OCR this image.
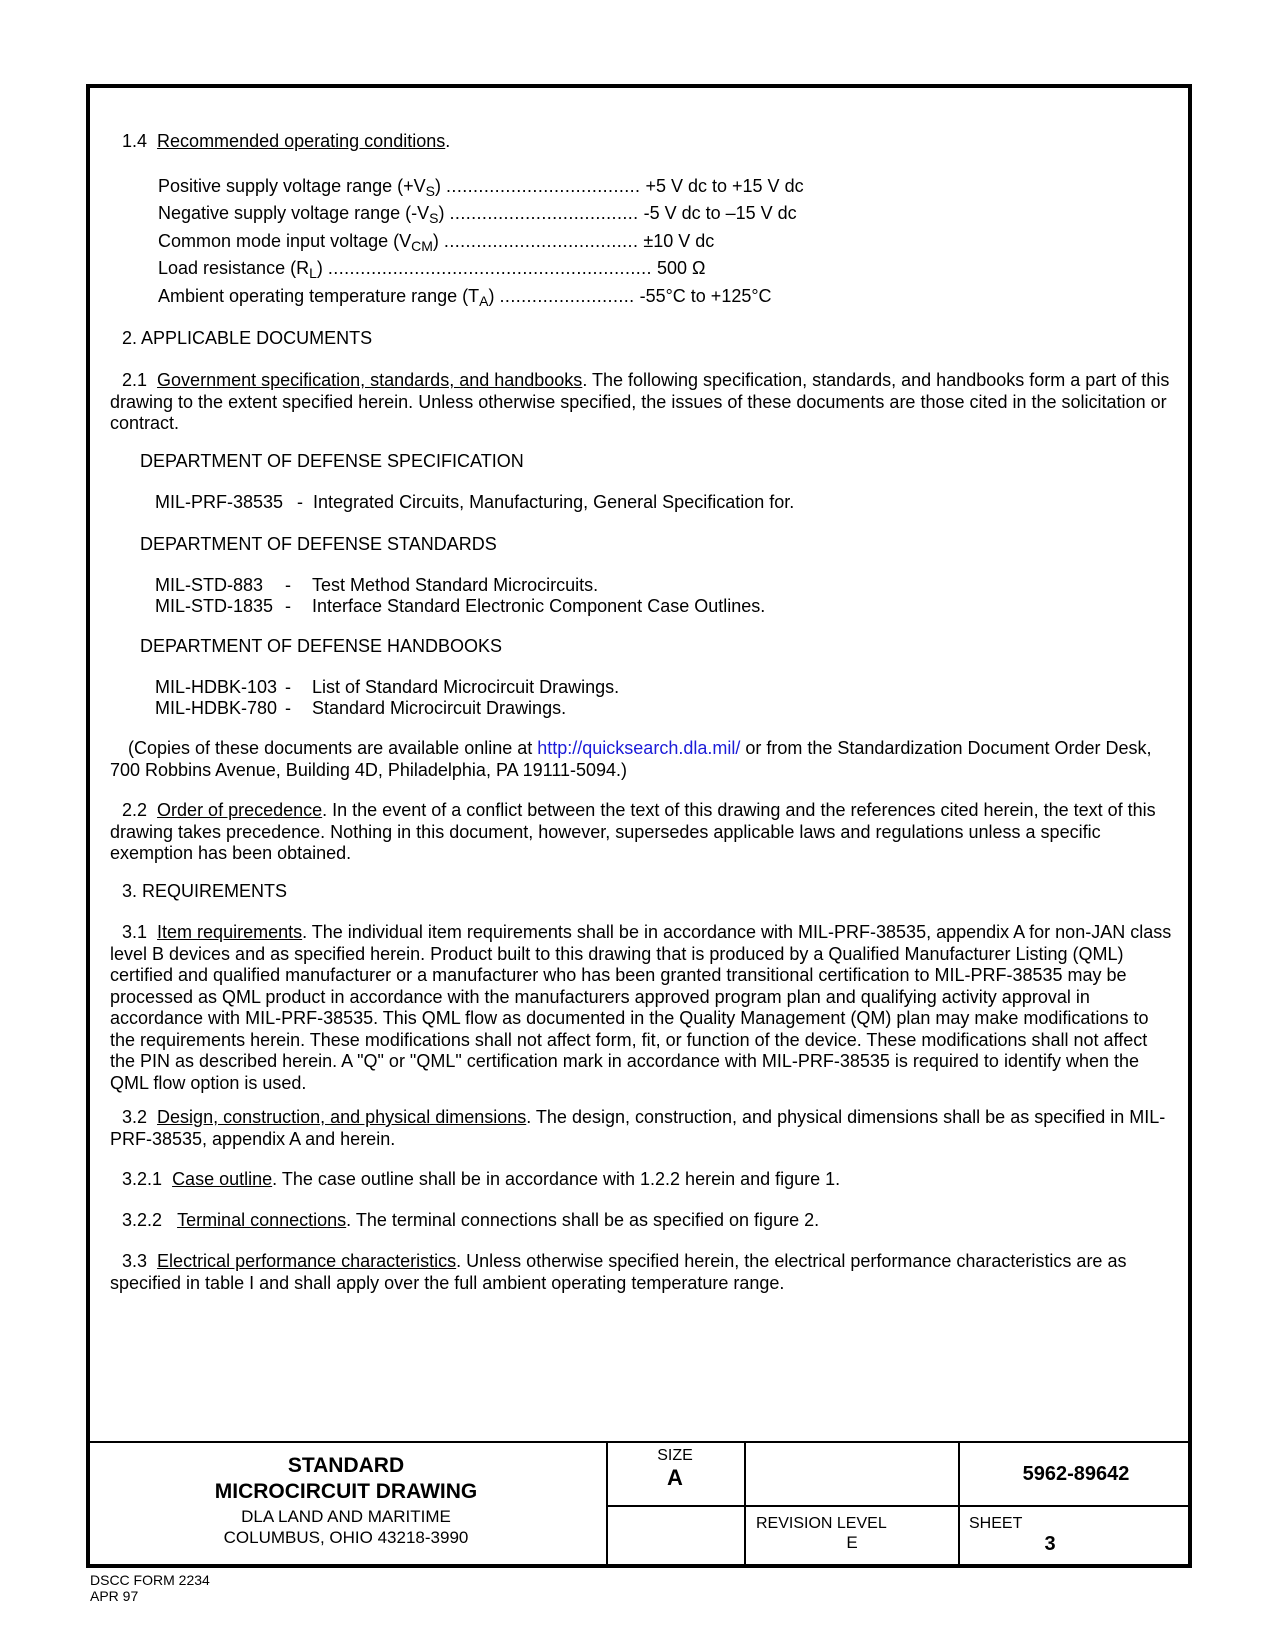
1.4 Recommended operating conditions.
Positive supply voltage range $(+V_S)$ .................................... +5 V dc to +15 V dc
Negative supply voltage range $(-V_S)$ ................................... -5 V dc to –15 V dc
Common mode input voltage $(V_{CM})$ .................................... ±10 V dc
Load resistance $(R_L)$ ............................................................ 500 Ω
Ambient operating temperature range $(T_A)$ ......................... -55°C to +125°C
2. APPLICABLE DOCUMENTS
2.1 Government specification, standards, and handbooks. The following specification, standards, and handbooks form a part of this drawing to the extent specified herein. Unless otherwise specified, the issues of these documents are those cited in the solicitation or contract.
DEPARTMENT OF DEFENSE SPECIFICATION
MIL-PRF-38535 - Integrated Circuits, Manufacturing, General Specification for.
DEPARTMENT OF DEFENSE STANDARDS
MIL-STD-883 - Test Method Standard Microcircuits.
MIL-STD-1835 - Interface Standard Electronic Component Case Outlines.
DEPARTMENT OF DEFENSE HANDBOOKS
MIL-HDBK-103 - List of Standard Microcircuit Drawings.
MIL-HDBK-780 - Standard Microcircuit Drawings.
(Copies of these documents are available online at http://quicksearch.dla.mil/ or from the Standardization Document Order Desk, 700 Robbins Avenue, Building 4D, Philadelphia, PA 19111-5094.)
2.2 Order of precedence. In the event of a conflict between the text of this drawing and the references cited herein, the text of this drawing takes precedence. Nothing in this document, however, supersedes applicable laws and regulations unless a specific exemption has been obtained.
3. REQUIREMENTS
3.1 Item requirements. The individual item requirements shall be in accordance with MIL-PRF-38535, appendix A for non-JAN class level B devices and as specified herein. Product built to this drawing that is produced by a Qualified Manufacturer Listing (QML) certified and qualified manufacturer or a manufacturer who has been granted transitional certification to MIL-PRF-38535 may be processed as QML product in accordance with the manufacturers approved program plan and qualifying activity approval in accordance with MIL-PRF-38535. This QML flow as documented in the Quality Management (QM) plan may make modifications to the requirements herein. These modifications shall not affect form, fit, or function of the device. These modifications shall not affect the PIN as described herein. A "Q" or "QML" certification mark in accordance with MIL-PRF-38535 is required to identify when the QML flow option is used.
3.2 Design, construction, and physical dimensions. The design, construction, and physical dimensions shall be as specified in MIL-PRF-38535, appendix A and herein.
3.2.1 Case outline. The case outline shall be in accordance with 1.2.2 herein and figure 1.
3.2.2 Terminal connections. The terminal connections shall be as specified on figure 2.
3.3 Electrical performance characteristics. Unless otherwise specified herein, the electrical performance characteristics are as specified in table I and shall apply over the full ambient operating temperature range.
STANDARD
MICROCIRCUIT DRAWING
DLA LAND AND MARITIME
COLUMBUS, OHIO 43218-3990
SIZE
A	5962-89642
REVISION LEVEL
E
SHEET
3
DSCC FORM 2234
APR 97
